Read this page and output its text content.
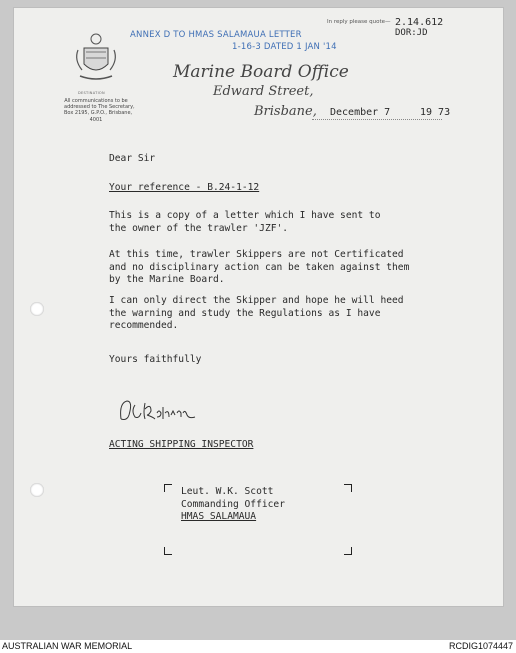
ANNEX D TO HMAS SALAMAUA LETTER
1-16-3 DATED 1 JAN '14
In reply please quote— 2.14.612
DOR:JD
DESTINATION
All communications to be
addressed to The Secretary,
Box 2195, G.P.O., Brisbane,
4001
Marine Board Office
Edward Street,
Brisbane, December 7	19 73
Dear Sir
Your reference - B.24-1-12
This is a copy of a letter which I have sent to
the owner of the trawler 'JZF'.
At this time, trawler Skippers are not Certificated
and no disciplinary action can be taken against them
by the Marine Board.
I can only direct the Skipper and hope he will heed
the warning and study the Regulations as I have
recommended.
Yours faithfully
ACTING SHIPPING INSPECTOR
Leut. W.K. Scott
Commanding Officer
HMAS SALAMAUA
AUSTRALIAN WAR MEMORIAL	RCDIG1074447
